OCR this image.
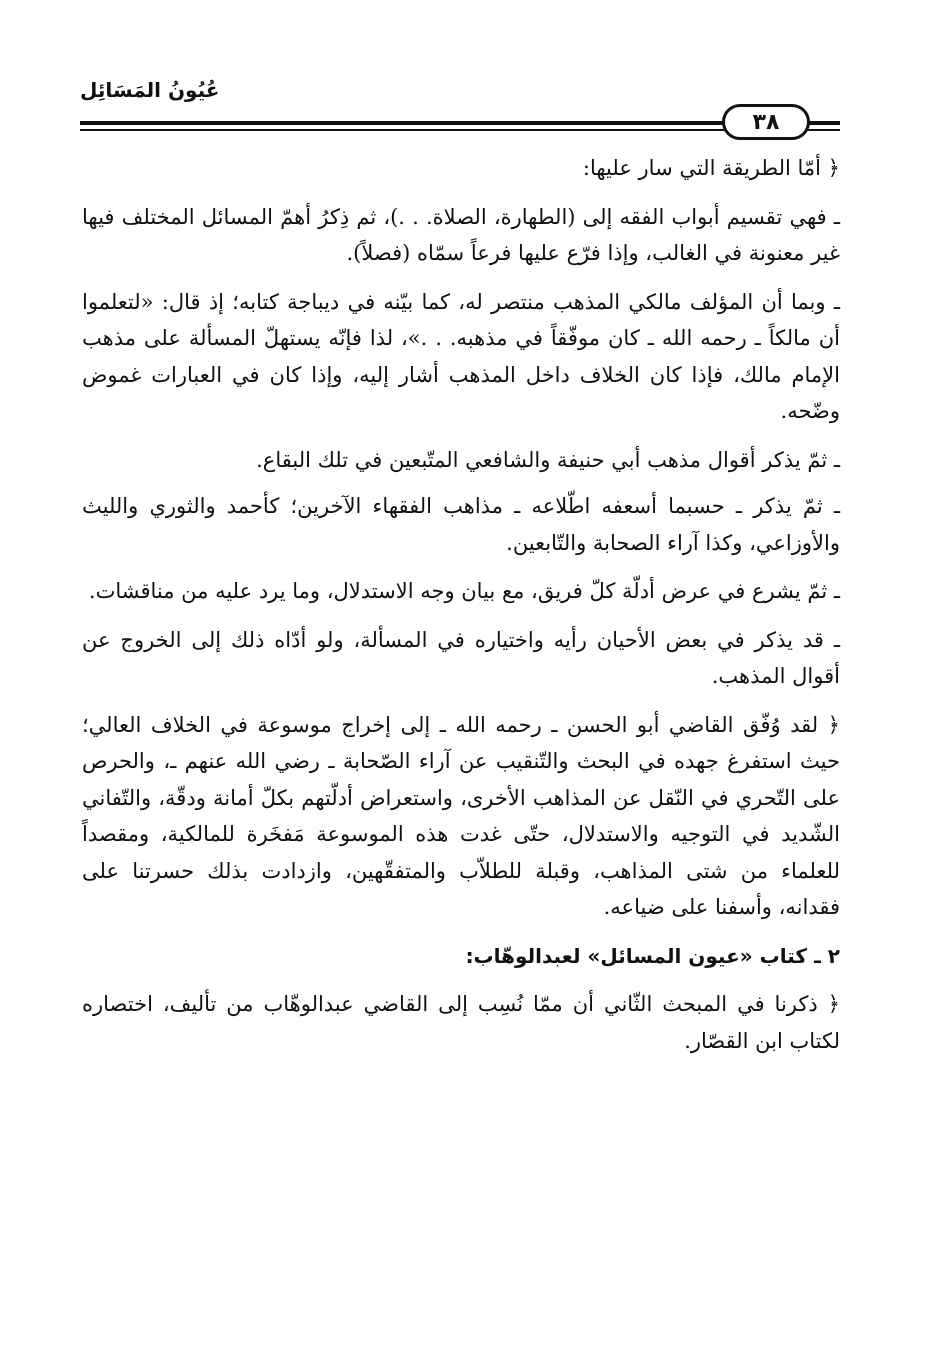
عُيُونُ المَسَائِل
٣٨

﴿ أمّا الطريقة التي سار عليها:

ـ فهي تقسيم أبواب الفقه إلى (الطهارة، الصلاة. . .)، ثم ذِكرُ أهمّ المسائل المختلف فيها غير معنونة في الغالب، وإذا فرّع عليها فرعاً سمّاه (فصلاً).

ـ وبما أن المؤلف مالكي المذهب منتصر له، كما بيّنه في ديباجة كتابه؛ إذ قال: «لتعلموا أن مالكاً ـ رحمه الله ـ كان موفّقاً في مذهبه. . .»، لذا فإنّه يستهلّ المسألة على مذهب الإمام مالك، فإذا كان الخلاف داخل المذهب أشار إليه، وإذا كان في العبارات غموض وضّحه.

ـ ثمّ يذكر أقوال مذهب أبي حنيفة والشافعي المتّبعين في تلك البقاع.

ـ ثمّ يذكر ـ حسبما أسعفه اطّلاعه ـ مذاهب الفقهاء الآخرين؛ كأحمد والثوري والليث والأوزاعي، وكذا آراء الصحابة والتّابعين.

ـ ثمّ يشرع في عرض أدلّة كلّ فريق، مع بيان وجه الاستدلال، وما يرد عليه من مناقشات.

ـ قد يذكر في بعض الأحيان رأيه واختياره في المسألة، ولو أدّاه ذلك إلى الخروج عن أقوال المذهب.

﴿ لقد وُفّق القاضي أبو الحسن ـ رحمه الله ـ إلى إخراج موسوعة في الخلاف العالي؛ حيث استفرغ جهده في البحث والتّنقيب عن آراء الصّحابة ـ رضي الله عنهم ـ، والحرص على التّحري في النّقل عن المذاهب الأخرى، واستعراض أدلّتهم بكلّ أمانة ودقّة، والتّفاني الشّديد في التوجيه والاستدلال، حتّى غدت هذه الموسوعة مَفخَرة للمالكية، ومقصداً للعلماء من شتى المذاهب، وقبلة للطلاّب والمتفقّهين، وازدادت بذلك حسرتنا على فقدانه، وأسفنا على ضياعه.

٢ ـ كتاب «عيون المسائل» لعبدالوهّاب:

﴿ ذكرنا في المبحث الثّاني أن ممّا نُسِب إلى القاضي عبدالوهّاب من تأليف، اختصاره لكتاب ابن القصّار.
